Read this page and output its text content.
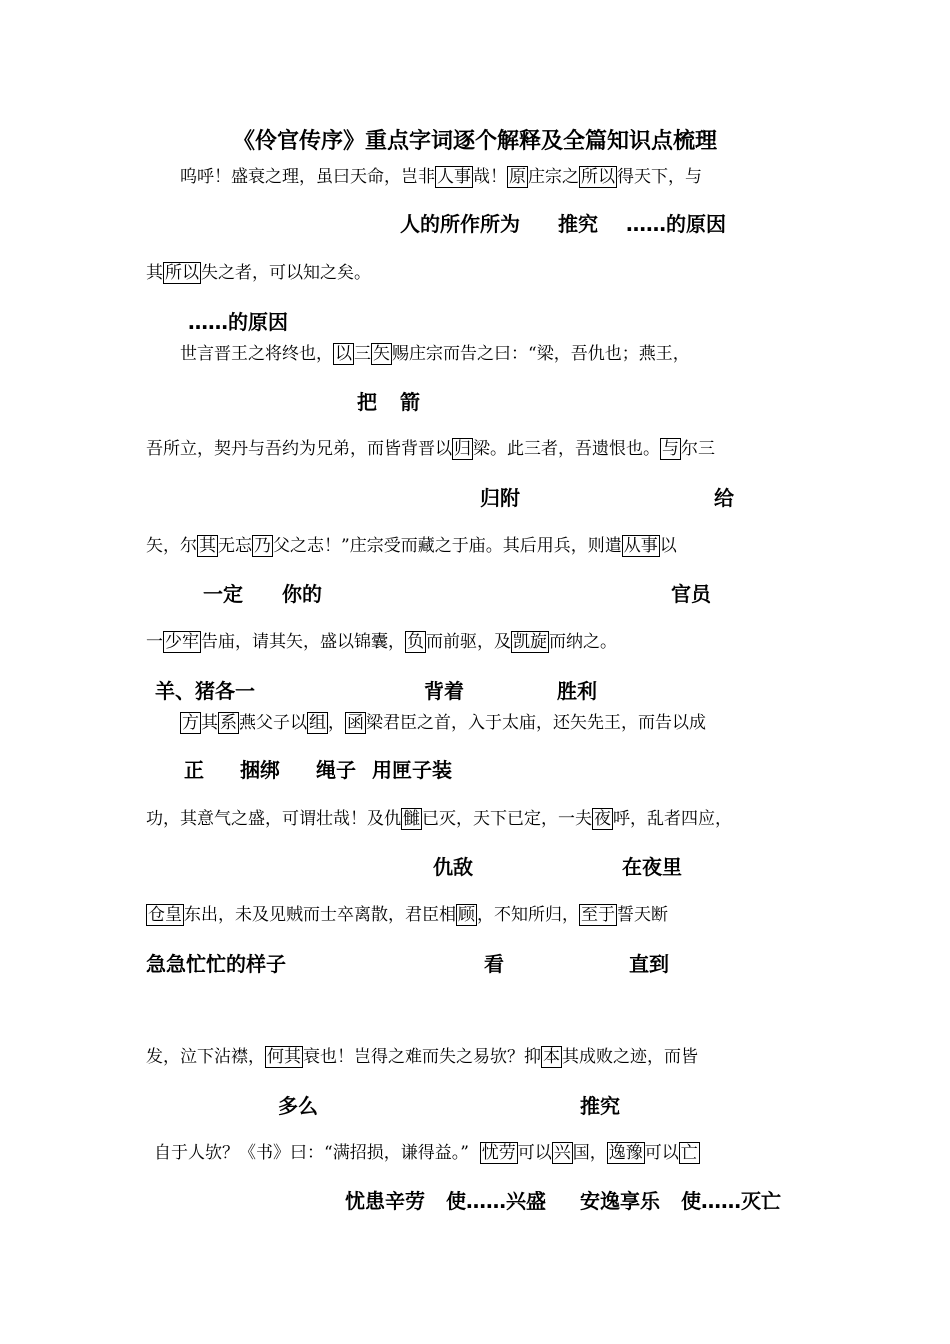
《伶官传序》重点字词逐个解释及全篇知识点梳理
呜呼！盛衰之理，虽曰天命，岂非 人事 哉！ 原 庄宗之 所以 得天下，与
人的所作所为 推究 ……的原因
其 所以 失之者，可以知之矣。
……的原因
世言晋王之将终也， 以 三 矢 赐庄宗而告之曰：“梁，吾仇也；燕王，
把 箭
吾所立，契丹与吾约为兄弟，而皆背晋以 归 梁。此三者，吾遗恨也。 与 尔三
归附	给
矢，尔 其 无忘 乃 父之志！”庄宗受而藏之于庙。其后用兵，则遣 从事 以
一定 你的	官员
一 少牢 告庙，请其矢，盛以锦囊， 负 而前驱，及 凯旋 而纳之。
羊、猪各一	背着	胜利
方 其 系 燕父子以 组 ， 函 梁君臣之首，入于太庙，还矢先王，而告以成
正 捆绑 绳子 用匣子装
功，其意气之盛，可谓壮哉！及仇 雠 已灭，天下已定，一夫 夜 呼，乱者四应，
仇敌	在夜里
仓皇 东出，未及见贼而士卒离散，君臣相 顾 ，不知所归， 至于 誓天断
急急忙忙的样子	看	直到
发，泣下沾襟， 何其 衰也！岂得之难而失之易欤？抑 本 其成败之迹，而皆
多么	推究
自于人欤？《书》曰：“满招损，谦得益。”  忧劳 可以 兴 国， 逸豫 可以 亡
忧患辛劳 使……兴盛 安逸享乐 使……灭亡
